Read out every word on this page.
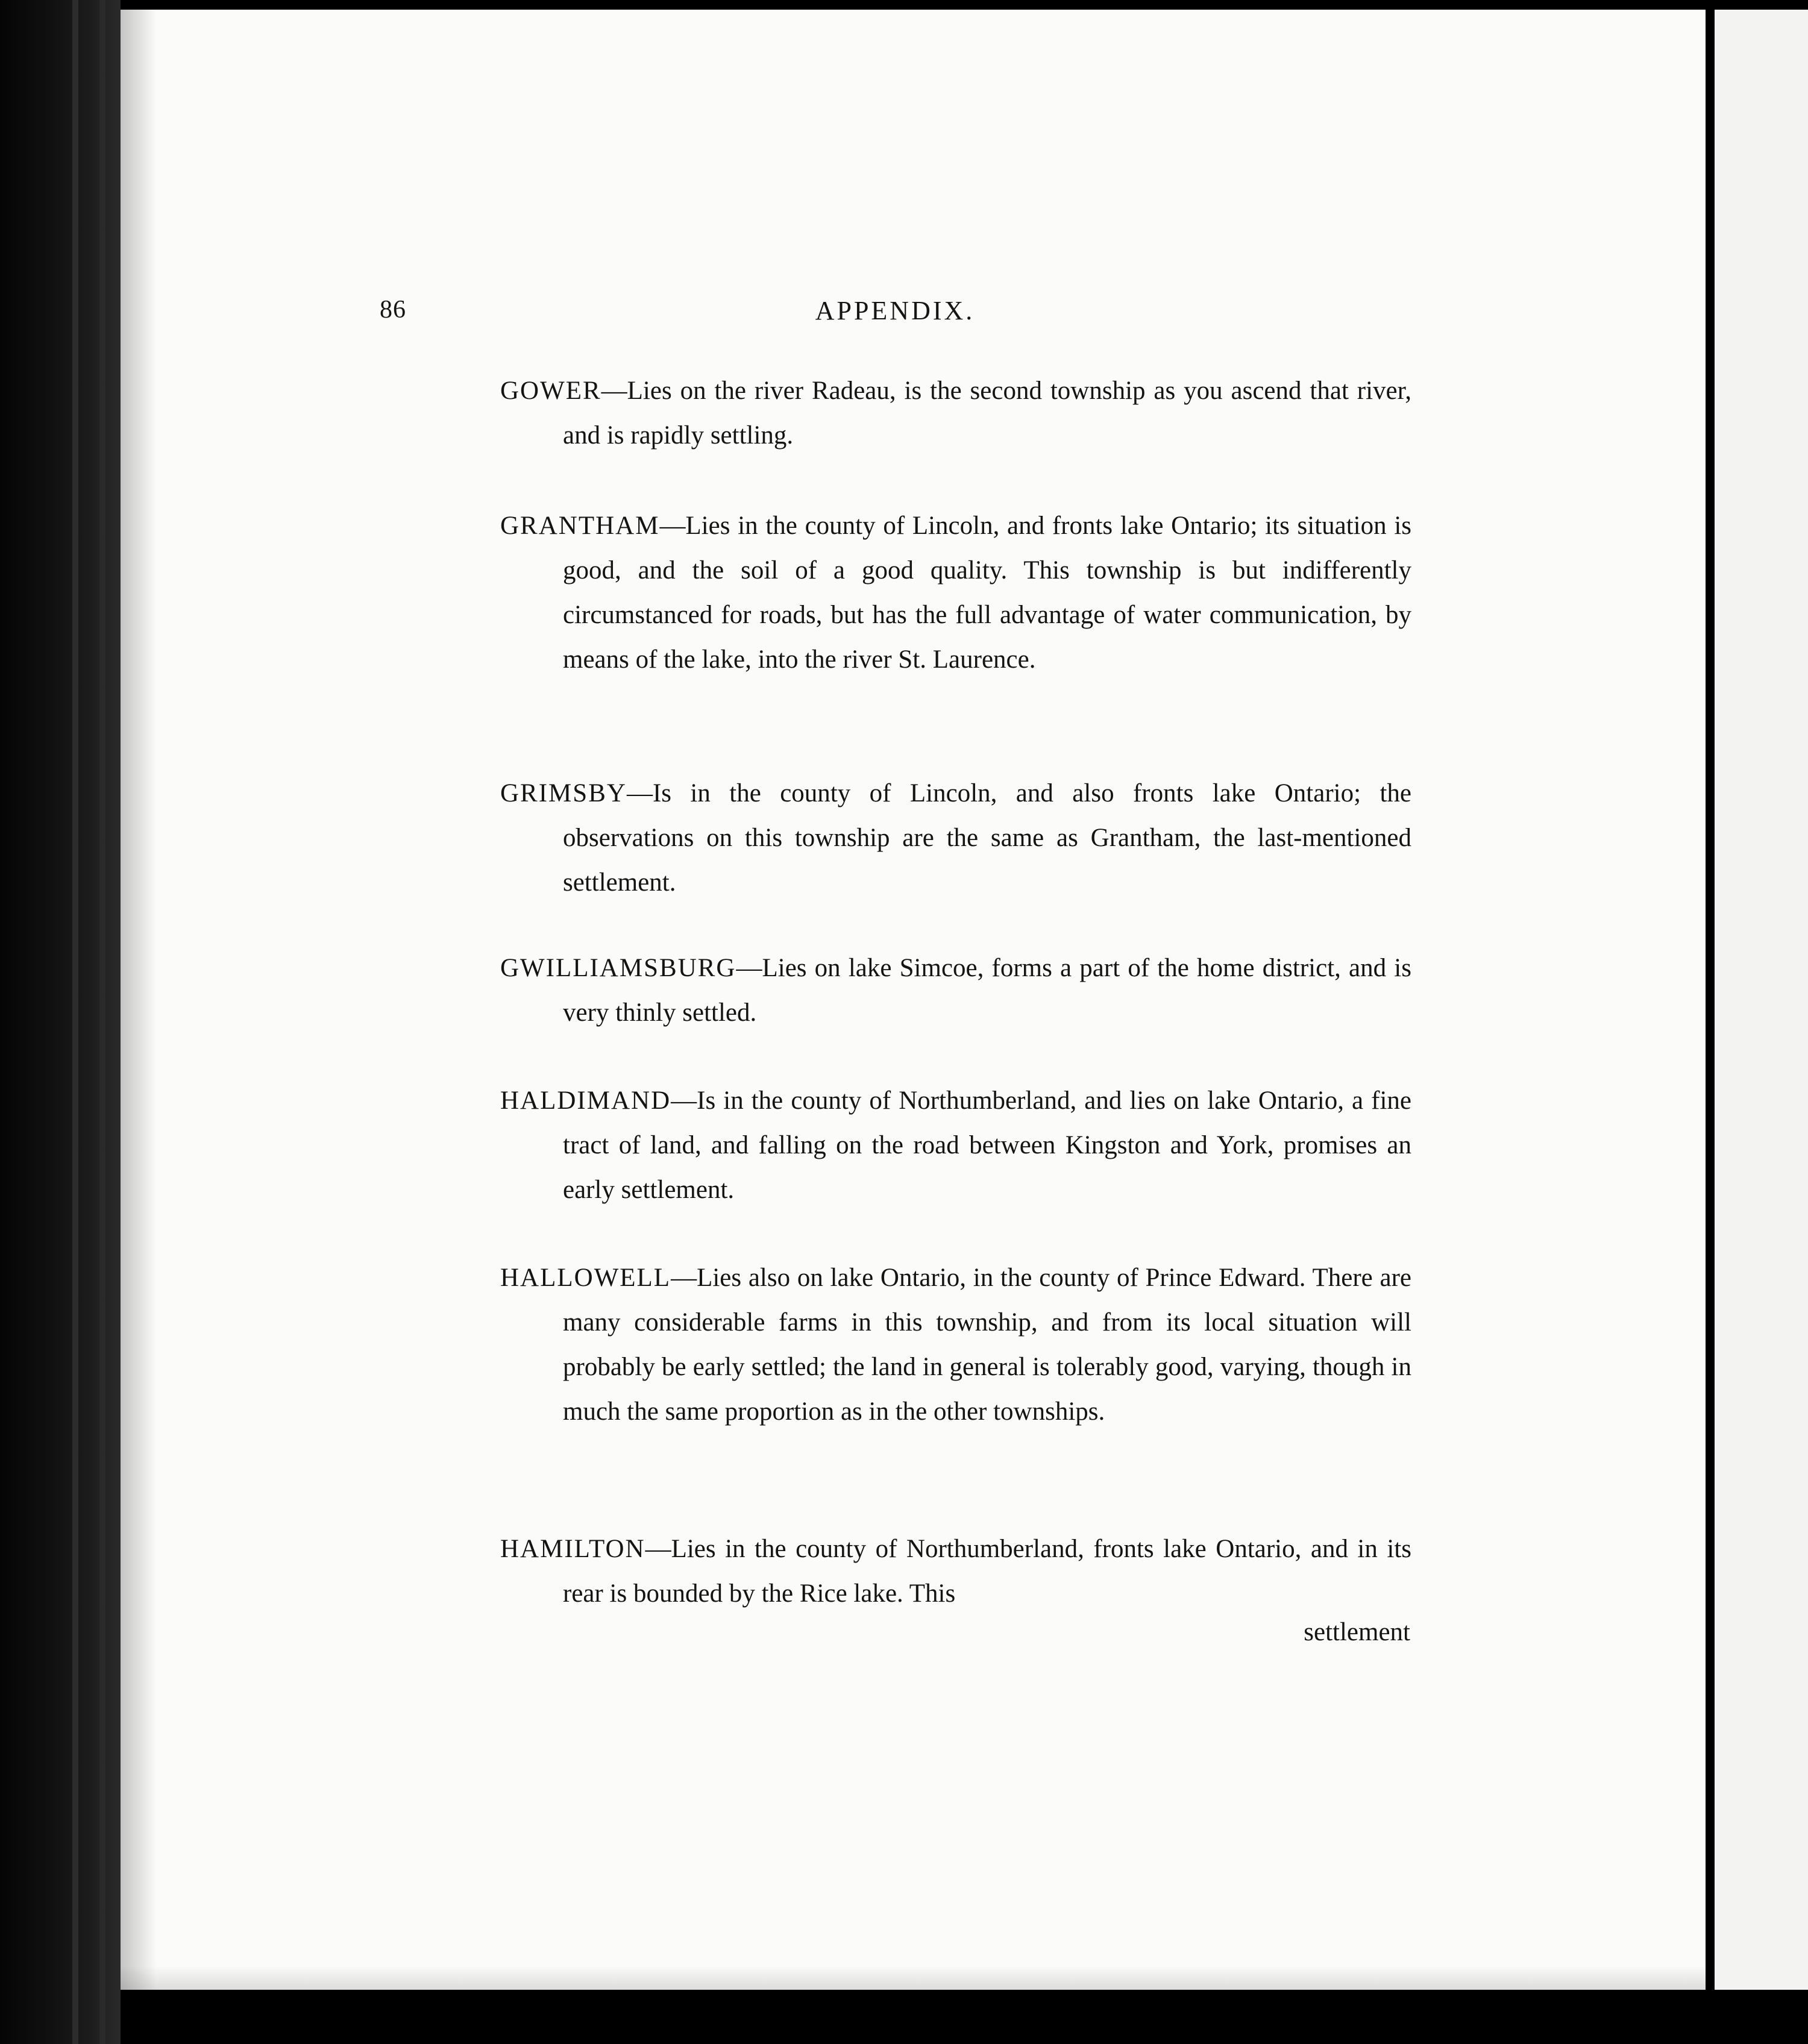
86	APPENDIX.
GOWER—Lies on the river Radeau, is the second township as you ascend that river, and is rapidly settling.
GRANTHAM—Lies in the county of Lincoln, and fronts lake Ontario; its situation is good, and the soil of a good quality. This township is but indifferently circumstanced for roads, but has the full advantage of water communication, by means of the lake, into the river St. Laurence.
GRIMSBY—Is in the county of Lincoln, and also fronts lake Ontario; the observations on this township are the same as Grantham, the last-mentioned settlement.
GWILLIAMSBURG—Lies on lake Simcoe, forms a part of the home district, and is very thinly settled.
HALDIMAND—Is in the county of Northumberland, and lies on lake Ontario, a fine tract of land, and falling on the road between Kingston and York, promises an early settlement.
HALLOWELL—Lies also on lake Ontario, in the county of Prince Edward. There are many considerable farms in this township, and from its local situation will probably be early settled; the land in general is tolerably good, varying, though in much the same proportion as in the other townships.
HAMILTON—Lies in the county of Northumberland, fronts lake Ontario, and in its rear is bounded by the Rice lake. This
settlement
